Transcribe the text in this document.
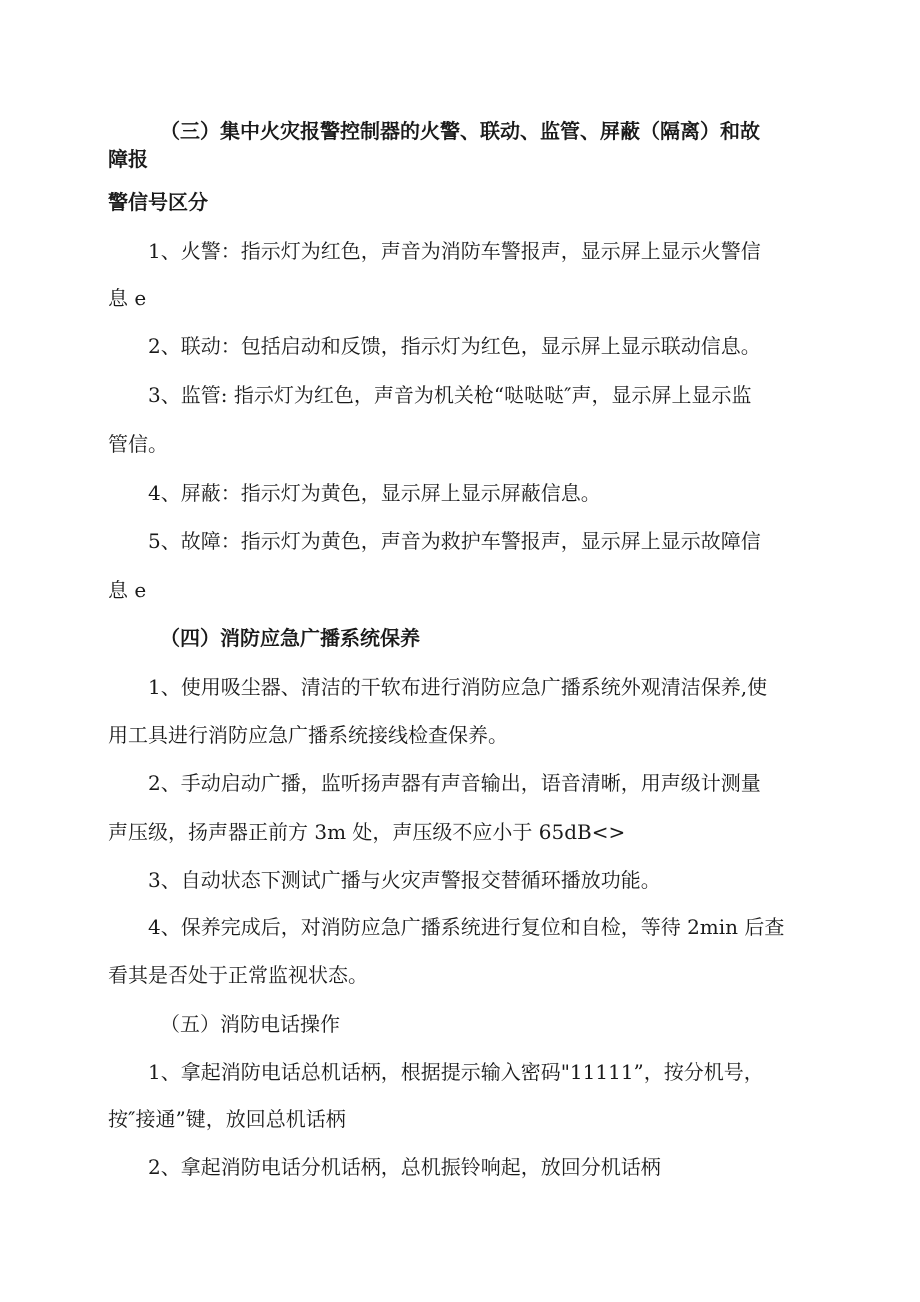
（三）集中火灾报警控制器的火警、联动、监管、屏蔽（隔离）和故
障报
警信号区分
1、火警：指示灯为红色，声音为消防车警报声，显示屏上显示火警信
息 e
2、联动：包括启动和反馈，指示灯为红色，显示屏上显示联动信息。
3、监管: 指示灯为红色，声音为机关枪“哒哒哒″声，显示屏上显示监
管信。
4、屏蔽：指示灯为黄色，显示屏上显示屏蔽信息。
5、故障：指示灯为黄色，声音为救护车警报声，显示屏上显示故障信
息 e
（四）消防应急广播系统保养
1、使用吸尘器、清洁的干软布进行消防应急广播系统外观清洁保养,使
用工具进行消防应急广播系统接线检查保养。
2、手动启动广播，监听扬声器有声音输出，语音清晰，用声级计测量
声压级，扬声器正前方 3m 处，声压级不应小于 65dB<>
3、自动状态下测试广播与火灾声警报交替循环播放功能。
4、保养完成后，对消防应急广播系统进行复位和自检，等待 2min 后查
看其是否处于正常监视状态。
（五）消防电话操作
1、拿起消防电话总机话柄，根据提示输入密码"11111”，按分机号，
按″接通”键，放回总机话柄
2、拿起消防电话分机话柄，总机振铃响起，放回分机话柄
